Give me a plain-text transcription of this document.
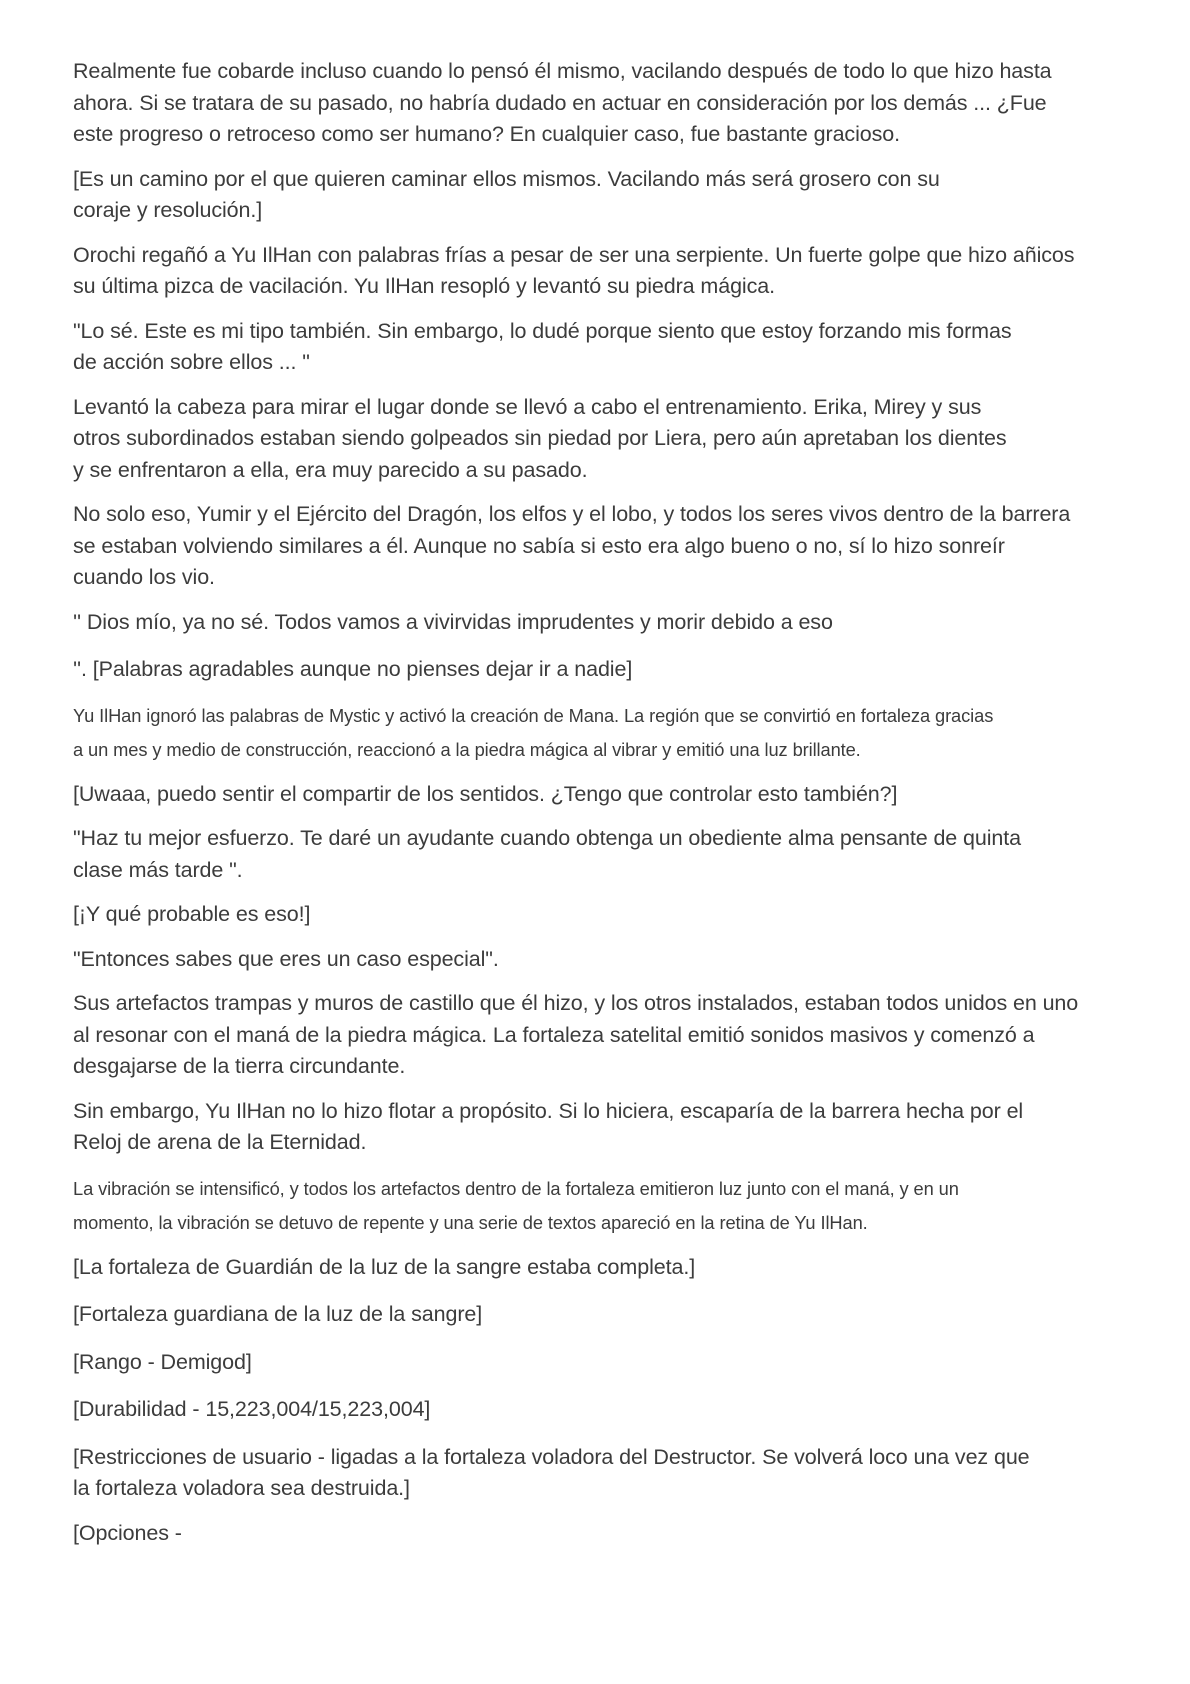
Realmente fue cobarde incluso cuando lo pensó él mismo, vacilando después de todo lo que hizo hasta
ahora. Si se tratara de su pasado, no habría dudado en actuar en consideración por los demás ... ¿Fue
este progreso o retroceso como ser humano? En cualquier caso, fue bastante gracioso.

[Es un camino por el que quieren caminar ellos mismos. Vacilando más será grosero con su
coraje y resolución.]

Orochi regañó a Yu IlHan con palabras frías a pesar de ser una serpiente. Un fuerte golpe que hizo añicos
su última pizca de vacilación. Yu IlHan resopló y levantó su piedra mágica.

"Lo sé. Este es mi tipo también. Sin embargo, lo dudé porque siento que estoy forzando mis formas
de acción sobre ellos ... "

Levantó la cabeza para mirar el lugar donde se llevó a cabo el entrenamiento. Erika, Mirey y sus
otros subordinados estaban siendo golpeados sin piedad por Liera, pero aún apretaban los dientes
y se enfrentaron a ella, era muy parecido a su pasado.

No solo eso, Yumir y el Ejército del Dragón, los elfos y el lobo, y todos los seres vivos dentro de la barrera
se estaban volviendo similares a él. Aunque no sabía si esto era algo bueno o no, sí lo hizo sonreír
cuando los vio.

'' Dios mío, ya no sé. Todos vamos a vivirvidas imprudentes y morir debido a eso

''. [Palabras agradables aunque no pienses dejar ir a nadie]

Yu IlHan ignoró las palabras de Mystic y activó la creación de Mana. La región que se convirtió en fortaleza gracias
a un mes y medio de construcción, reaccionó a la piedra mágica al vibrar y emitió una luz brillante.

[Uwaaa, puedo sentir el compartir de los sentidos. ¿Tengo que controlar esto también?]

"Haz tu mejor esfuerzo. Te daré un ayudante cuando obtenga un obediente alma pensante de quinta
clase más tarde ".

[¡Y qué probable es eso!]

"Entonces sabes que eres un caso especial".

Sus artefactos trampas y muros de castillo que él hizo, y los otros instalados, estaban todos unidos en uno
al resonar con el maná de la piedra mágica. La fortaleza satelital emitió sonidos masivos y comenzó a
desgajarse de la tierra circundante.

Sin embargo, Yu IlHan no lo hizo flotar a propósito. Si lo hiciera, escaparía de la barrera hecha por el
Reloj de arena de la Eternidad.

La vibración se intensificó, y todos los artefactos dentro de la fortaleza emitieron luz junto con el maná, y en un
momento, la vibración se detuvo de repente y una serie de textos apareció en la retina de Yu IlHan.

[La fortaleza de Guardián de la luz de la sangre estaba completa.]

[Fortaleza guardiana de la luz de la sangre]

[Rango - Demigod]

[Durabilidad - 15,223,004/15,223,004]

[Restricciones de usuario - ligadas a la fortaleza voladora del Destructor. Se volverá loco una vez que
la fortaleza voladora sea destruida.]

[Opciones -
